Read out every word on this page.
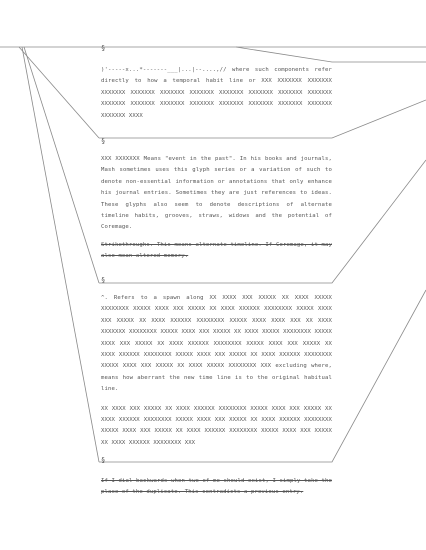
§

)'-----x...*-------___|...|--....,// where such components refer directly to how a temporal habit line or XXX XXXXXXX XXXXXXX XXXXXXX XXXXXXX XXXXXXX XXXXXXX XXXXXXX XXXXXXX XXXXXXX XXXXXXX XXXXXXX XXXXXXX XXXXXXX XXXXXXX XXXXXXX XXXXXXX XXXXXXX XXXXXXX XXXXXXX XXXX

§

XXX XXXXXXX Means "event in the past". In his books and journals, Mash sometimes uses this glyph series or a variation of such to denote non-essential information or annotations that only enhance his journal entries. Sometimes they are just references to ideas. These glyphs also seem to denote descriptions of alternate timeline habits, grooves, straws, widows and the potential of Coremage.

Strikethroughs. This means alternate timeline. If Coremage, it may also mean altered memory.

§

^. Refers to a spawn along XX XXXX XXX XXXXX XX XXXX XXXXX XXXXXXXX XXXXX XXXX XXX XXXXX XX XXXX XXXXXX XXXXXXXX XXXXX XXXX XXX XXXXX XX XXXX XXXXXX XXXXXXXX XXXXX XXXX XXXX XXX XX XXXX XXXXXXX XXXXXXXX XXXXX XXXX XXX XXXXX XX XXXX XXXXX XXXXXXXX XXXXX XXXX XXX XXXXX XX XXXX XXXXXX XXXXXXXX XXXXX XXXX XXX XXXXX XX XXXX XXXXXX XXXXXXXX XXXXX XXXX XXX XXXXX XX XXXX XXXXXX XXXXXXXX XXXXX XXXX XXX XXXXX XX XXXX XXXXX XXXXXXXX XXX excluding where, means how aberrant the new time line is to the original habitual line.

XX XXXX XXX XXXXX XX XXXX XXXXXX XXXXXXXX XXXXX XXXX XXX XXXXX XX XXXX XXXXXX XXXXXXXX XXXXX XXXX XXX XXXXX XX XXXX XXXXXX XXXXXXXX XXXXX XXXX XXX XXXXX XX XXXX XXXXXX XXXXXXXX XXXXX XXXX XXX XXXXX XX XXXX XXXXXX XXXXXXXX XXX

§

If I dial backwards when two of me should exist, I simply take the place of the duplicate. This contradicts a previous entry.
